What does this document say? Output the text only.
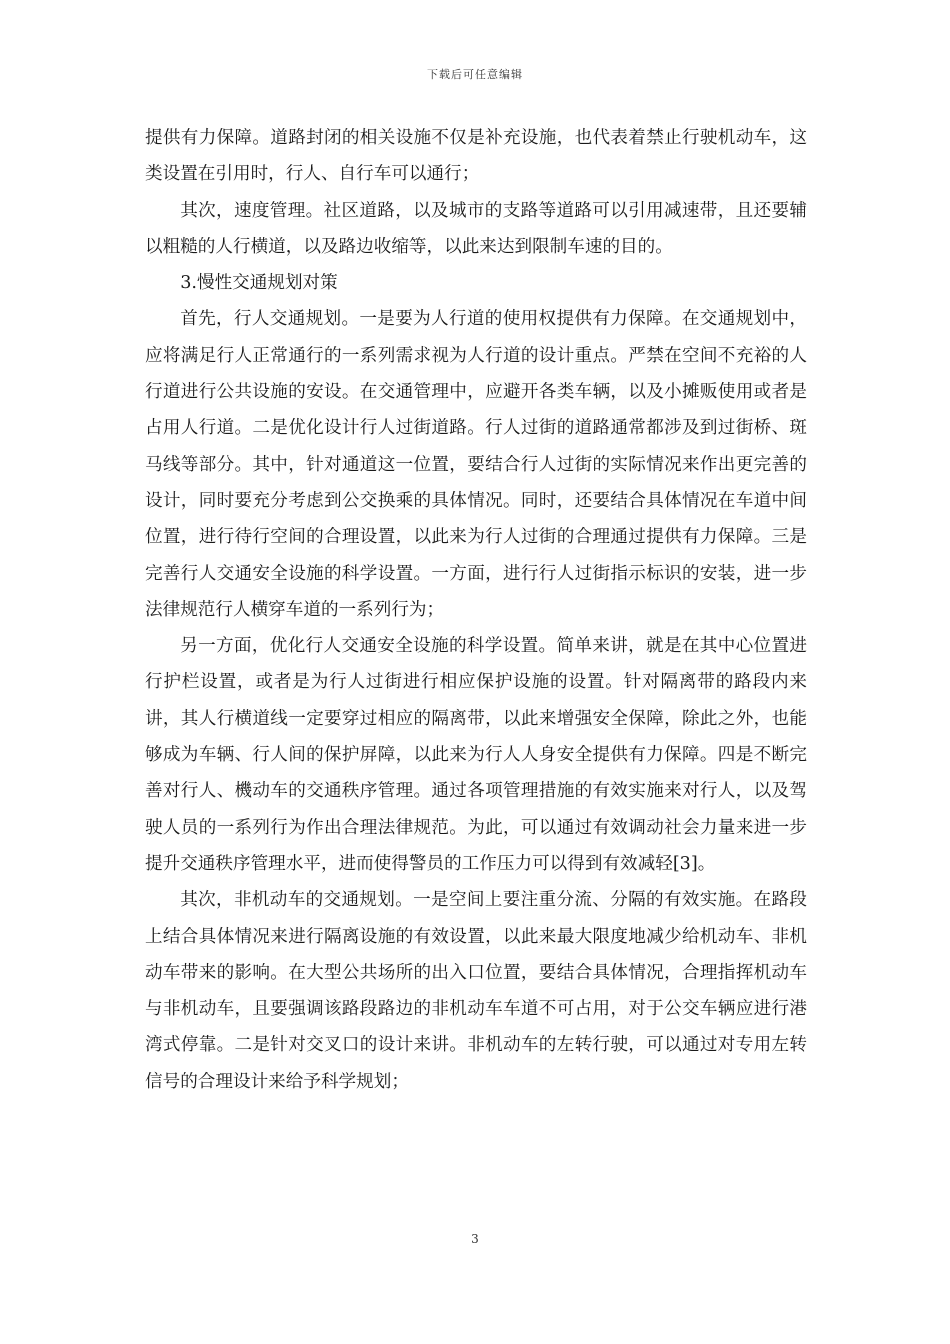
下载后可任意编辑

提供有力保障。道路封闭的相关设施不仅是补充设施，也代表着禁止行驶机动车，这类设置在引用时，行人、自行车可以通行；

其次，速度管理。社区道路，以及城市的支路等道路可以引用减速带，且还要辅以粗糙的人行横道，以及路边收缩等，以此来达到限制车速的目的。

3.慢性交通规划对策

首先，行人交通规划。一是要为人行道的使用权提供有力保障。在交通规划中，应将满足行人正常通行的一系列需求视为人行道的设计重点。严禁在空间不充裕的人行道进行公共设施的安设。在交通管理中，应避开各类车辆，以及小摊贩使用或者是占用人行道。二是优化设计行人过街道路。行人过街的道路通常都涉及到过街桥、斑马线等部分。其中，针对通道这一位置，要结合行人过街的实际情况来作出更完善的设计，同时要充分考虑到公交换乘的具体情况。同时，还要结合具体情况在车道中间位置，进行待行空间的合理设置，以此来为行人过街的合理通过提供有力保障。三是完善行人交通安全设施的科学设置。一方面，进行行人过街指示标识的安装，进一步法律规范行人横穿车道的一系列行为；

另一方面，优化行人交通安全设施的科学设置。简单来讲，就是在其中心位置进行护栏设置，或者是为行人过街进行相应保护设施的设置。针对隔离带的路段内来讲，其人行横道线一定要穿过相应的隔离带，以此来增强安全保障，除此之外，也能够成为车辆、行人间的保护屏障，以此来为行人人身安全提供有力保障。四是不断完善对行人、機动车的交通秩序管理。通过各项管理措施的有效实施来对行人，以及驾驶人员的一系列行为作出合理法律规范。为此，可以通过有效调动社会力量来进一步提升交通秩序管理水平，进而使得警员的工作压力可以得到有效减轻[3]。

其次，非机动车的交通规划。一是空间上要注重分流、分隔的有效实施。在路段上结合具体情况来进行隔离设施的有效设置，以此来最大限度地减少给机动车、非机动车带来的影响。在大型公共场所的出入口位置，要结合具体情况，合理指挥机动车与非机动车，且要强调该路段路边的非机动车车道不可占用，对于公交车辆应进行港湾式停靠。二是针对交叉口的设计来讲。非机动车的左转行驶，可以通过对专用左转信号的合理设计来给予科学规划；

3
